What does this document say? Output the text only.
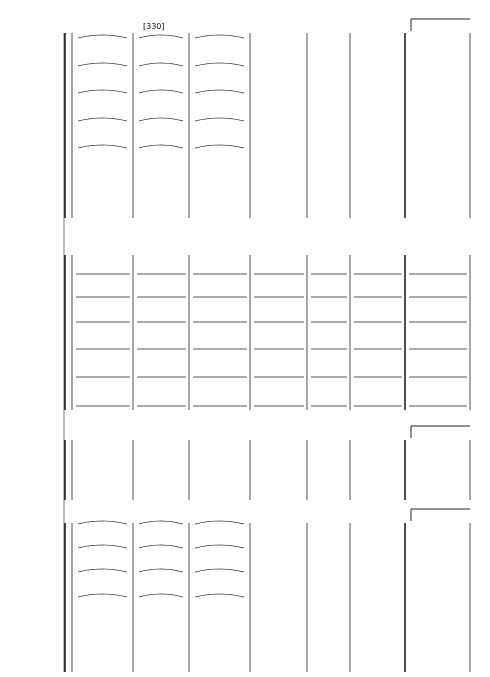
[330]
